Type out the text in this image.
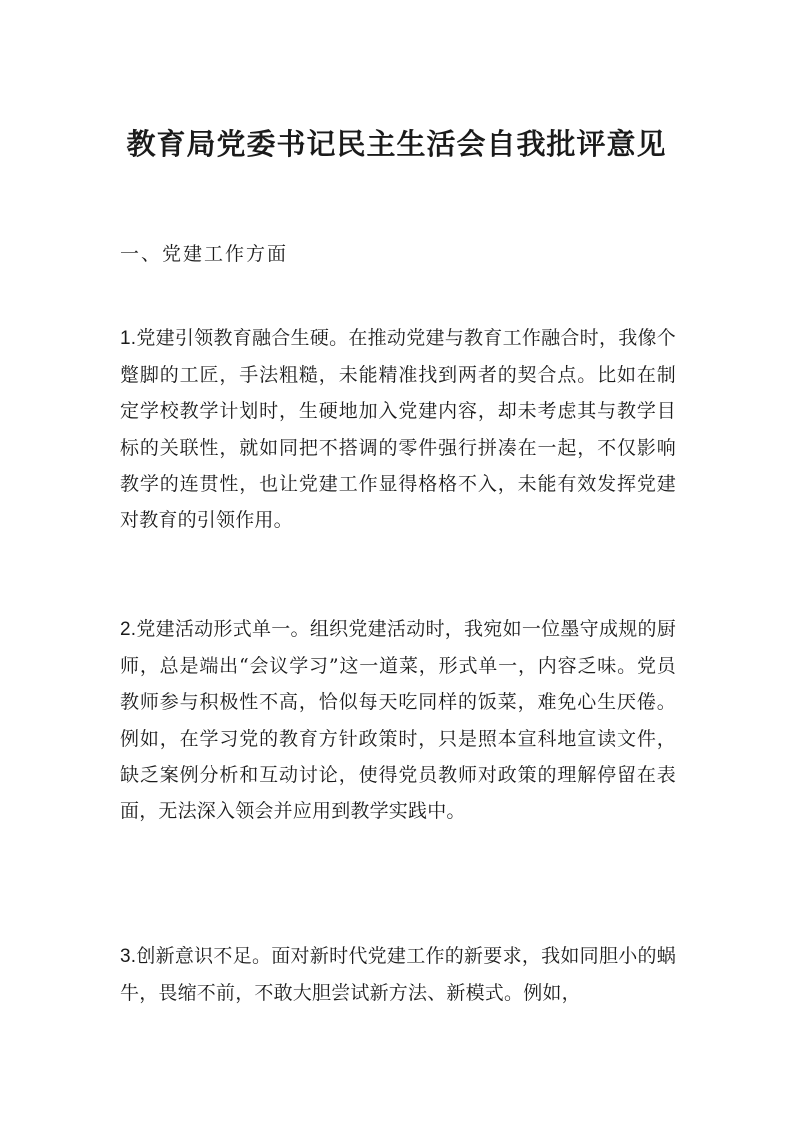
教育局党委书记民主生活会自我批评意见
一、党建工作方面
1.党建引领教育融合生硬。在推动党建与教育工作融合时，我像个蹩脚的工匠，手法粗糙，未能精准找到两者的契合点。比如在制定学校教学计划时，生硬地加入党建内容，却未考虑其与教学目标的关联性，就如同把不搭调的零件强行拼凑在一起，不仅影响教学的连贯性，也让党建工作显得格格不入，未能有效发挥党建对教育的引领作用。
2.党建活动形式单一。组织党建活动时，我宛如一位墨守成规的厨师，总是端出“会议学习”这一道菜，形式单一，内容乏味。党员教师参与积极性不高，恰似每天吃同样的饭菜，难免心生厌倦。例如，在学习党的教育方针政策时，只是照本宣科地宣读文件，缺乏案例分析和互动讨论，使得党员教师对政策的理解停留在表面，无法深入领会并应用到教学实践中。
3.创新意识不足。面对新时代党建工作的新要求，我如同胆小的蜗牛，畏缩不前，不敢大胆尝试新方法、新模式。例如，
